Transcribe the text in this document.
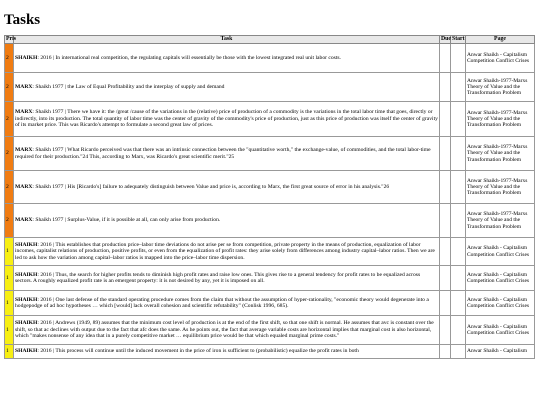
Tasks
Pris	Task	Due	Start	Page
2	SHAIKH: 2016 | In international real competition, the regulating capitals will essentially be those with the lowest integrated real unit labor costs.			Anwar Shaikh - Capitalism Competition Conflict Crises
2	MARX: Shaikh 1977 | the Law of Equal Profitability and the interplay of supply and demand			Anwar Shaikh-1977-Marxs Theory of Value and the Transformation Problem
2	MARX: Shaikh 1977 | There we have it: the /great /cause of the variations in the (relative) price of production of a commodity is the variations in the total labor time that goes, directly or indirectly, into its production. The total quantity of labor time was the center of gravity of the commodity's price of production, just as this price of production was itself the center of gravity of its market price. This was Ricardo's attempt to formulate a second great law of prices.			Anwar Shaikh-1977-Marxs Theory of Value and the Transformation Problem
2	MARX: Shaikh 1977 | What Ricardo perceived was that there was an intrinsic connection between the "quantitative worth," the exchange-value, of commodities, and the total labor-time required for their production."24 This, according to Marx, was Ricardo's great scientific merit."25			Anwar Shaikh-1977-Marxs Theory of Value and the Transformation Problem
2	MARX: Shaikh 1977 | His [Ricardo's] failure to adequately distinguish between Value and price is, according to Marx, the first great source of error in his analysis."26			Anwar Shaikh-1977-Marxs Theory of Value and the Transformation Problem
2	MARX: Shaikh 1977 | Surplus-Value, if it is possible at all, can only arise from production.			Anwar Shaikh-1977-Marxs Theory of Value and the Transformation Problem
1	SHAIKH: 2016 | This establishes that production price–labor time deviations do not arise per se from competition, private property in the means of production, equalization of labor incomes, capitalist relations of production, positive profits, or even from the equalization of profit rates: they arise solely from differences among industry capital–labor ratios. Then we are led to ask how the variation among capital–labor ratios is mapped into the price–labor time dispersion.			Anwar Shaikh - Capitalism Competition Conflict Crises
1	SHAIKH: 2016 | Thus, the search for higher profits tends to diminish high profit rates and raise low ones. This gives rise to a general tendency for profit rates to be equalized across sectors. A roughly equalized profit rate is an emergent property: it is not desired by any, yet it is imposed on all.			Anwar Shaikh - Capitalism Competition Conflict Crises
1	SHAIKH: 2016 | One last defense of the standard operating procedure comes from the claim that without the assumption of hyper-rationality, "economic theory would degenerate into a hodgepodge of ad hoc hypotheses … which [would] lack overall cohesion and scientific refutability" (Conlisk 1996, 685).			Anwar Shaikh - Capitalism Competition Conflict Crises
1	SHAIKH: 2016 | Andrews (1949, 89) assumes that the minimum cost level of production is at the end of the first shift, so that one shift is normal. He assumes that avc is constant over the shift, so that ac declines with output due to the fact that afc does the same. As he points out, the fact that average variable costs are horizontal implies that marginal cost is also horizontal, which "makes nonsense of any idea that in a purely competitive market … equilibrium price would be that which equaled marginal prime costs."			Anwar Shaikh - Capitalism Competition Conflict Crises
1	SHAIKH: 2016 | This process will continue until the induced movement in the price of iron is sufficient to (probabilistic) equalize the profit rates in both			Anwar Shaikh - Capitalism
